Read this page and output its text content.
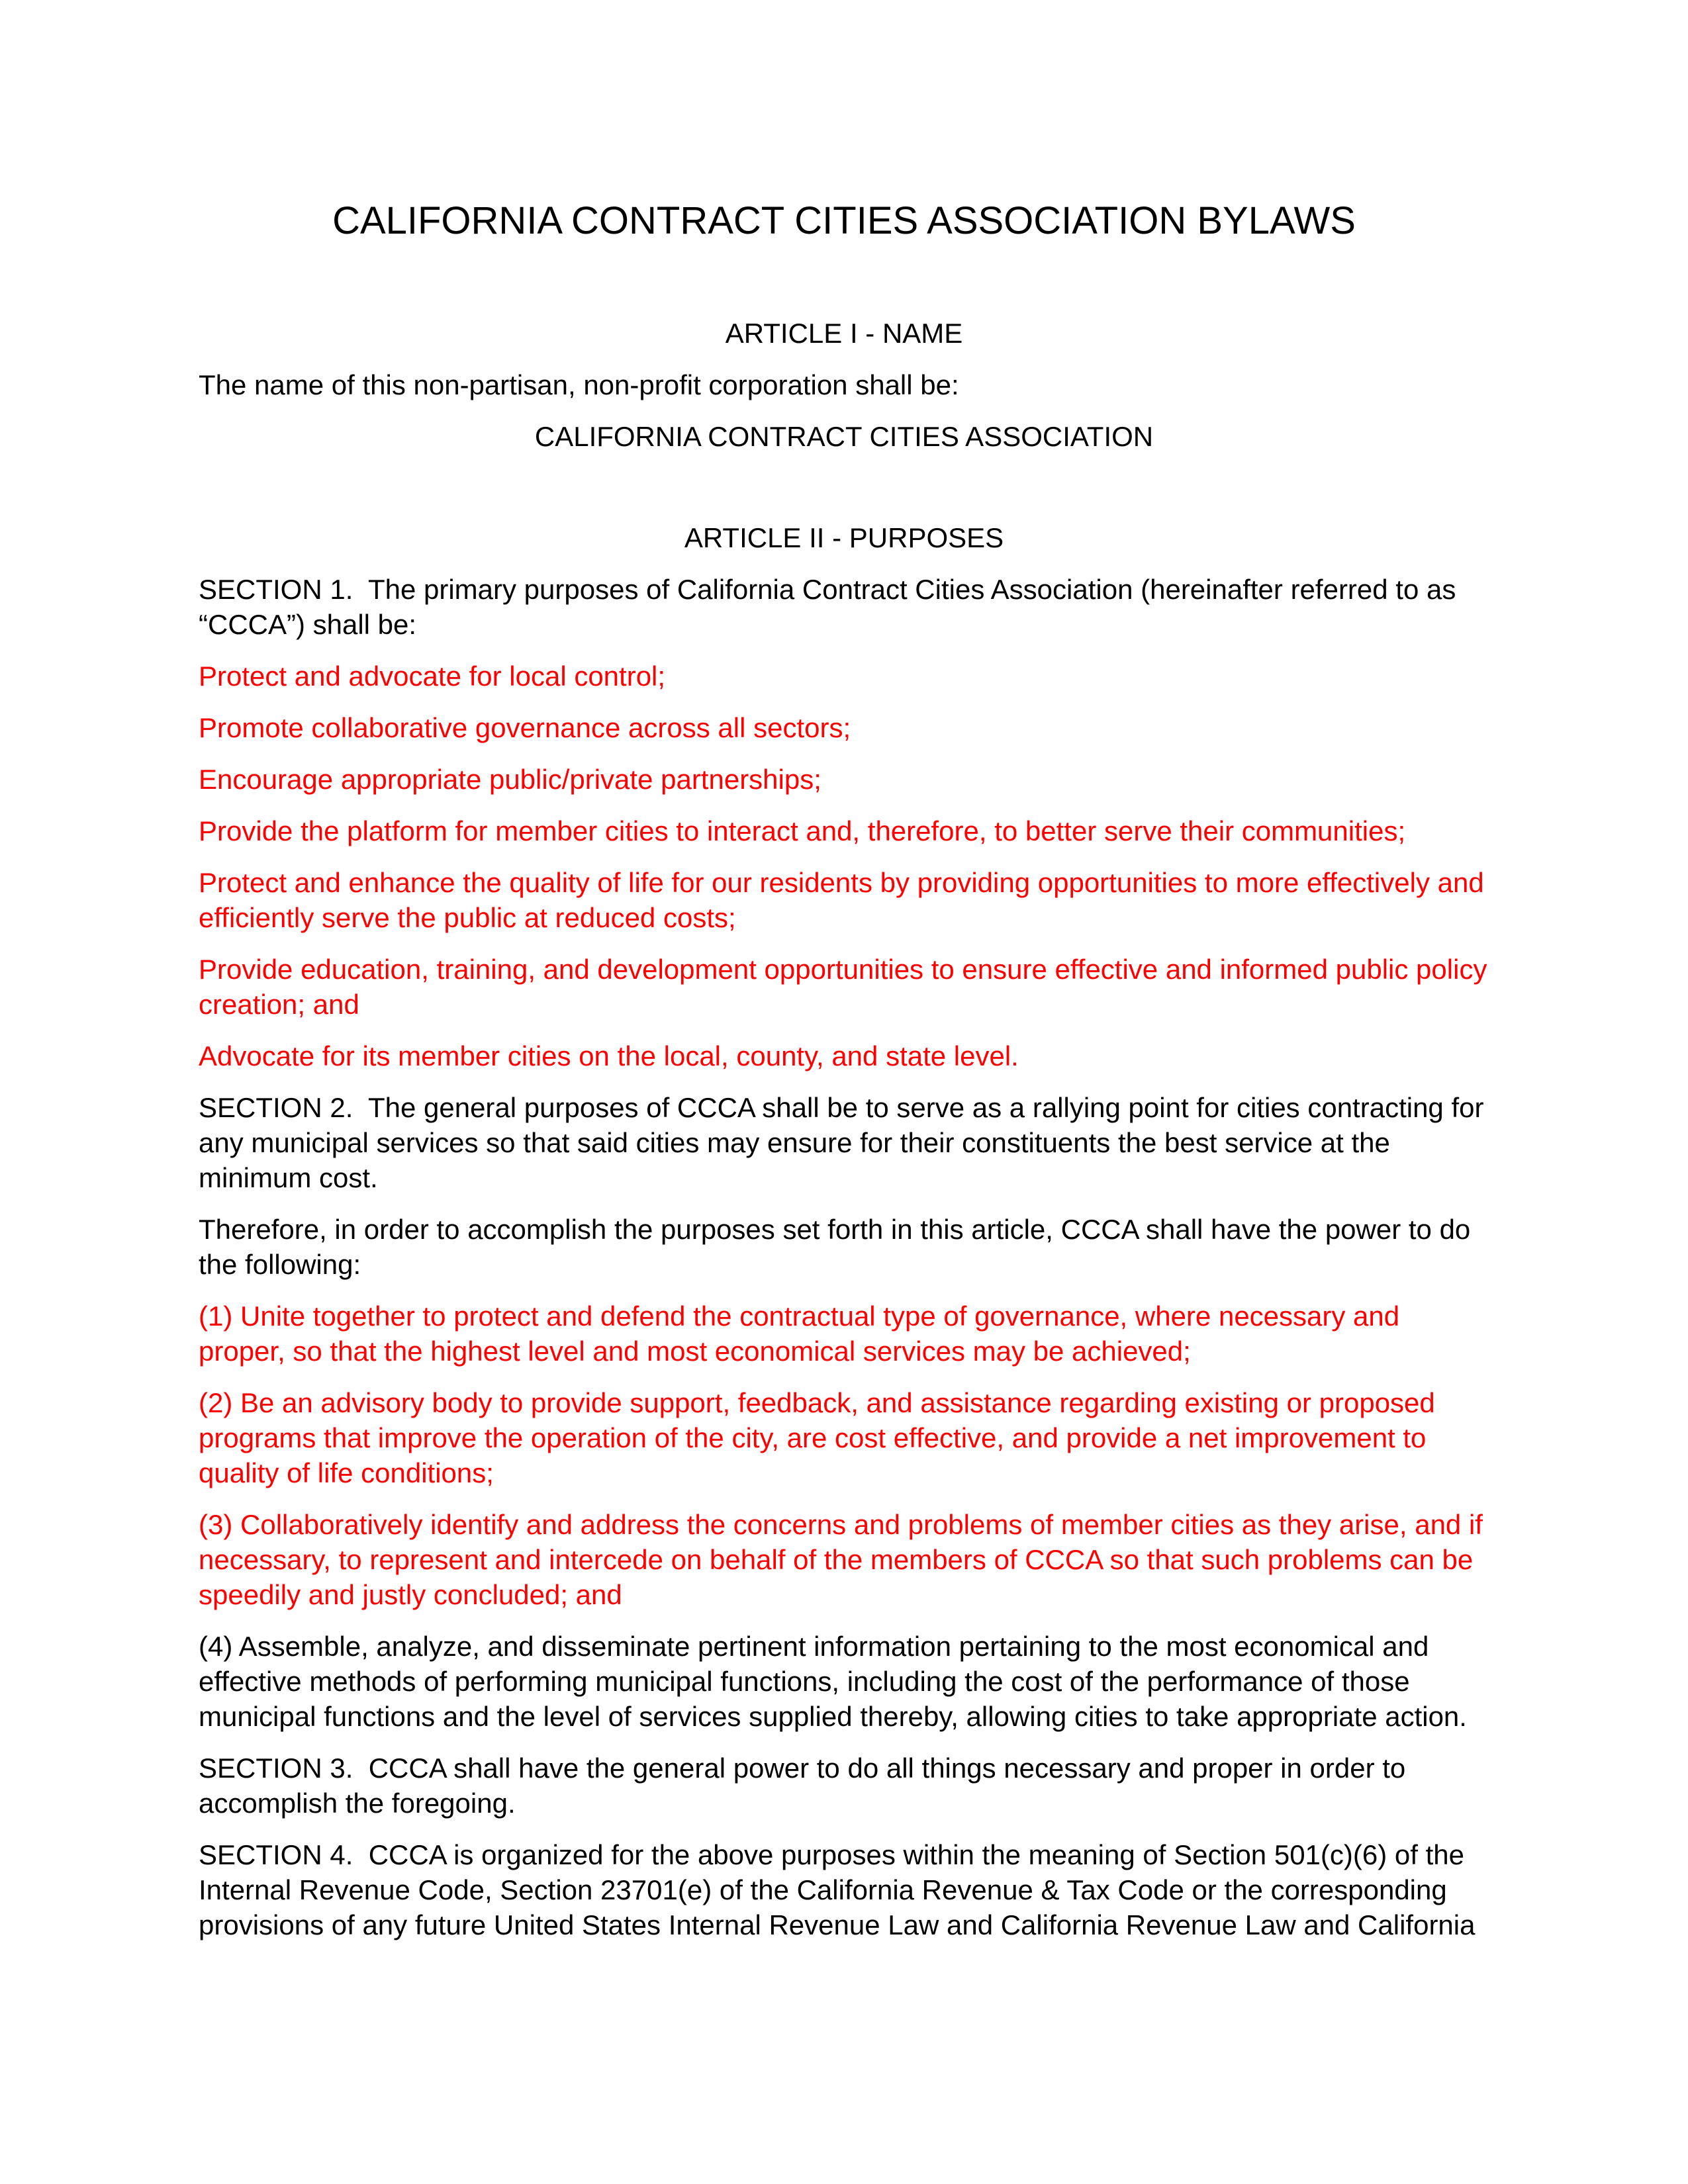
CALIFORNIA CONTRACT CITIES ASSOCIATION BYLAWS
ARTICLE I - NAME

The name of this non-partisan, non-profit corporation shall be:

CALIFORNIA CONTRACT CITIES ASSOCIATION

ARTICLE II - PURPOSES

SECTION 1.  The primary purposes of California Contract Cities Association (hereinafter referred to as “CCCA”) shall be:

Protect and advocate for local control;

Promote collaborative governance across all sectors;

Encourage appropriate public/private partnerships;

Provide the platform for member cities to interact and, therefore, to better serve their communities;

Protect and enhance the quality of life for our residents by providing opportunities to more effectively and efficiently serve the public at reduced costs;

Provide education, training, and development opportunities to ensure effective and informed public policy creation; and

Advocate for its member cities on the local, county, and state level.

SECTION 2.  The general purposes of CCCA shall be to serve as a rallying point for cities contracting for any municipal services so that said cities may ensure for their constituents the best service at the minimum cost.

Therefore, in order to accomplish the purposes set forth in this article, CCCA shall have the power to do the following:

(1) Unite together to protect and defend the contractual type of governance, where necessary and proper, so that the highest level and most economical services may be achieved;

(2) Be an advisory body to provide support, feedback, and assistance regarding existing or proposed programs that improve the operation of the city, are cost effective, and provide a net improvement to quality of life conditions;

(3) Collaboratively identify and address the concerns and problems of member cities as they arise, and if necessary, to represent and intercede on behalf of the members of CCCA so that such problems can be speedily and justly concluded; and

(4) Assemble, analyze, and disseminate pertinent information pertaining to the most economical and effective methods of performing municipal functions, including the cost of the performance of those municipal functions and the level of services supplied thereby, allowing cities to take appropriate action.

SECTION 3.  CCCA shall have the general power to do all things necessary and proper in order to accomplish the foregoing.

SECTION 4.  CCCA is organized for the above purposes within the meaning of Section 501(c)(6) of the Internal Revenue Code, Section 23701(e) of the California Revenue & Tax Code or the corresponding provisions of any future United States Internal Revenue Law and California Revenue Law and California
